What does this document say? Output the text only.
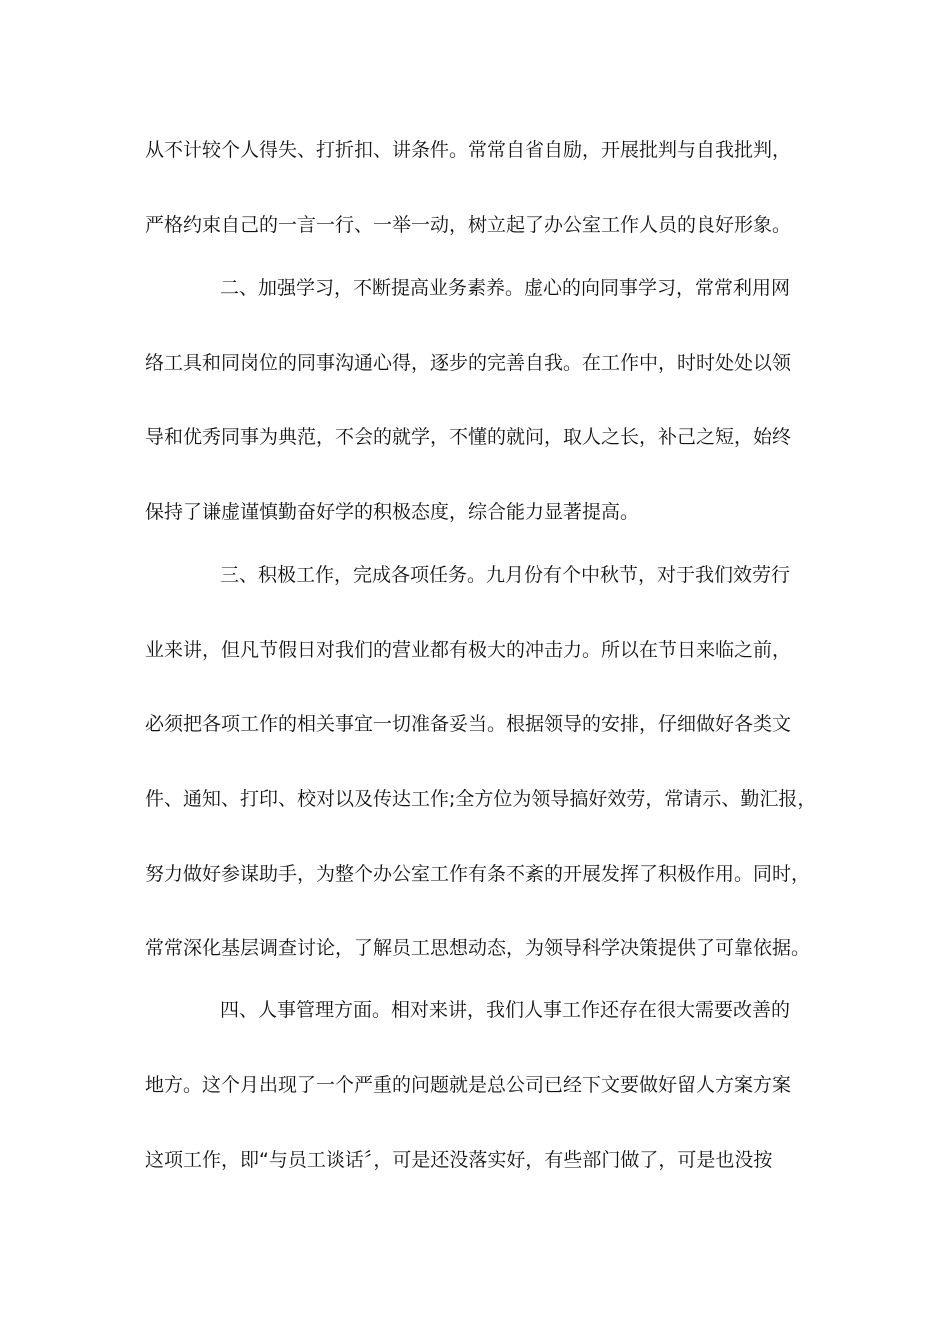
从不计较个人得失、打折扣、讲条件。常常自省自励，开展批判与自我批判，
严格约束自己的一言一行、一举一动，树立起了办公室工作人员的良好形象。
二、加强学习，不断提高业务素养。虚心的向同事学习，常常利用网
络工具和同岗位的同事沟通心得，逐步的完善自我。在工作中，时时处处以领
导和优秀同事为典范，不会的就学，不懂的就问，取人之长，补己之短，始终
保持了谦虚谨慎勤奋好学的积极态度，综合能力显著提高。
三、积极工作，完成各项任务。九月份有个中秋节，对于我们效劳行
业来讲，但凡节假日对我们的营业都有极大的冲击力。所以在节日来临之前，
必须把各项工作的相关事宜一切准备妥当。根据领导的安排，仔细做好各类文
件、通知、打印、校对以及传达工作;全方位为领导搞好效劳，常请示、勤汇报，
努力做好参谋助手，为整个办公室工作有条不紊的开展发挥了积极作用。同时，
常常深化基层调查讨论，了解员工思想动态，为领导科学决策提供了可靠依据。
四、人事管理方面。相对来讲，我们人事工作还存在很大需要改善的
地方。这个月出现了一个严重的问题就是总公司已经下文要做好留人方案方案
这项工作，即“与员工谈话〞，可是还没落实好，有些部门做了，可是也没按
